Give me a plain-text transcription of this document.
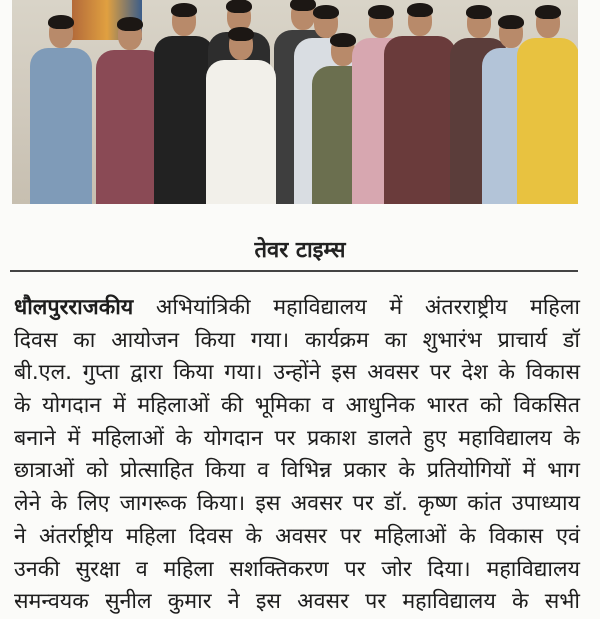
तेवर टाइम्स
धौलपुरराजकीय अभियांत्रिकी महाविद्यालय में अंतरराष्ट्रीय महिला
दिवस का आयोजन किया गया। कार्यक्रम का शुभारंभ प्राचार्य डॉ
बी.एल. गुप्ता द्वारा किया गया। उन्होंने इस अवसर पर देश के विकास
के योगदान में महिलाओं की भूमिका व आधुनिक भारत को विकसित
बनाने में महिलाओं के योगदान पर प्रकाश डालते हुए महाविद्यालय के
छात्राओं को प्रोत्साहित किया व विभिन्न प्रकार के प्रतियोगियों में भाग
लेने के लिए जागरूक किया। इस अवसर पर डॉ. कृष्ण कांत उपाध्याय
ने अंतर्राष्ट्रीय महिला दिवस के अवसर पर महिलाओं के विकास एवं
उनकी सुरक्षा व महिला सशक्तिकरण पर जोर दिया। महाविद्यालय
समन्वयक सुनील कुमार ने इस अवसर पर महाविद्यालय के सभी
